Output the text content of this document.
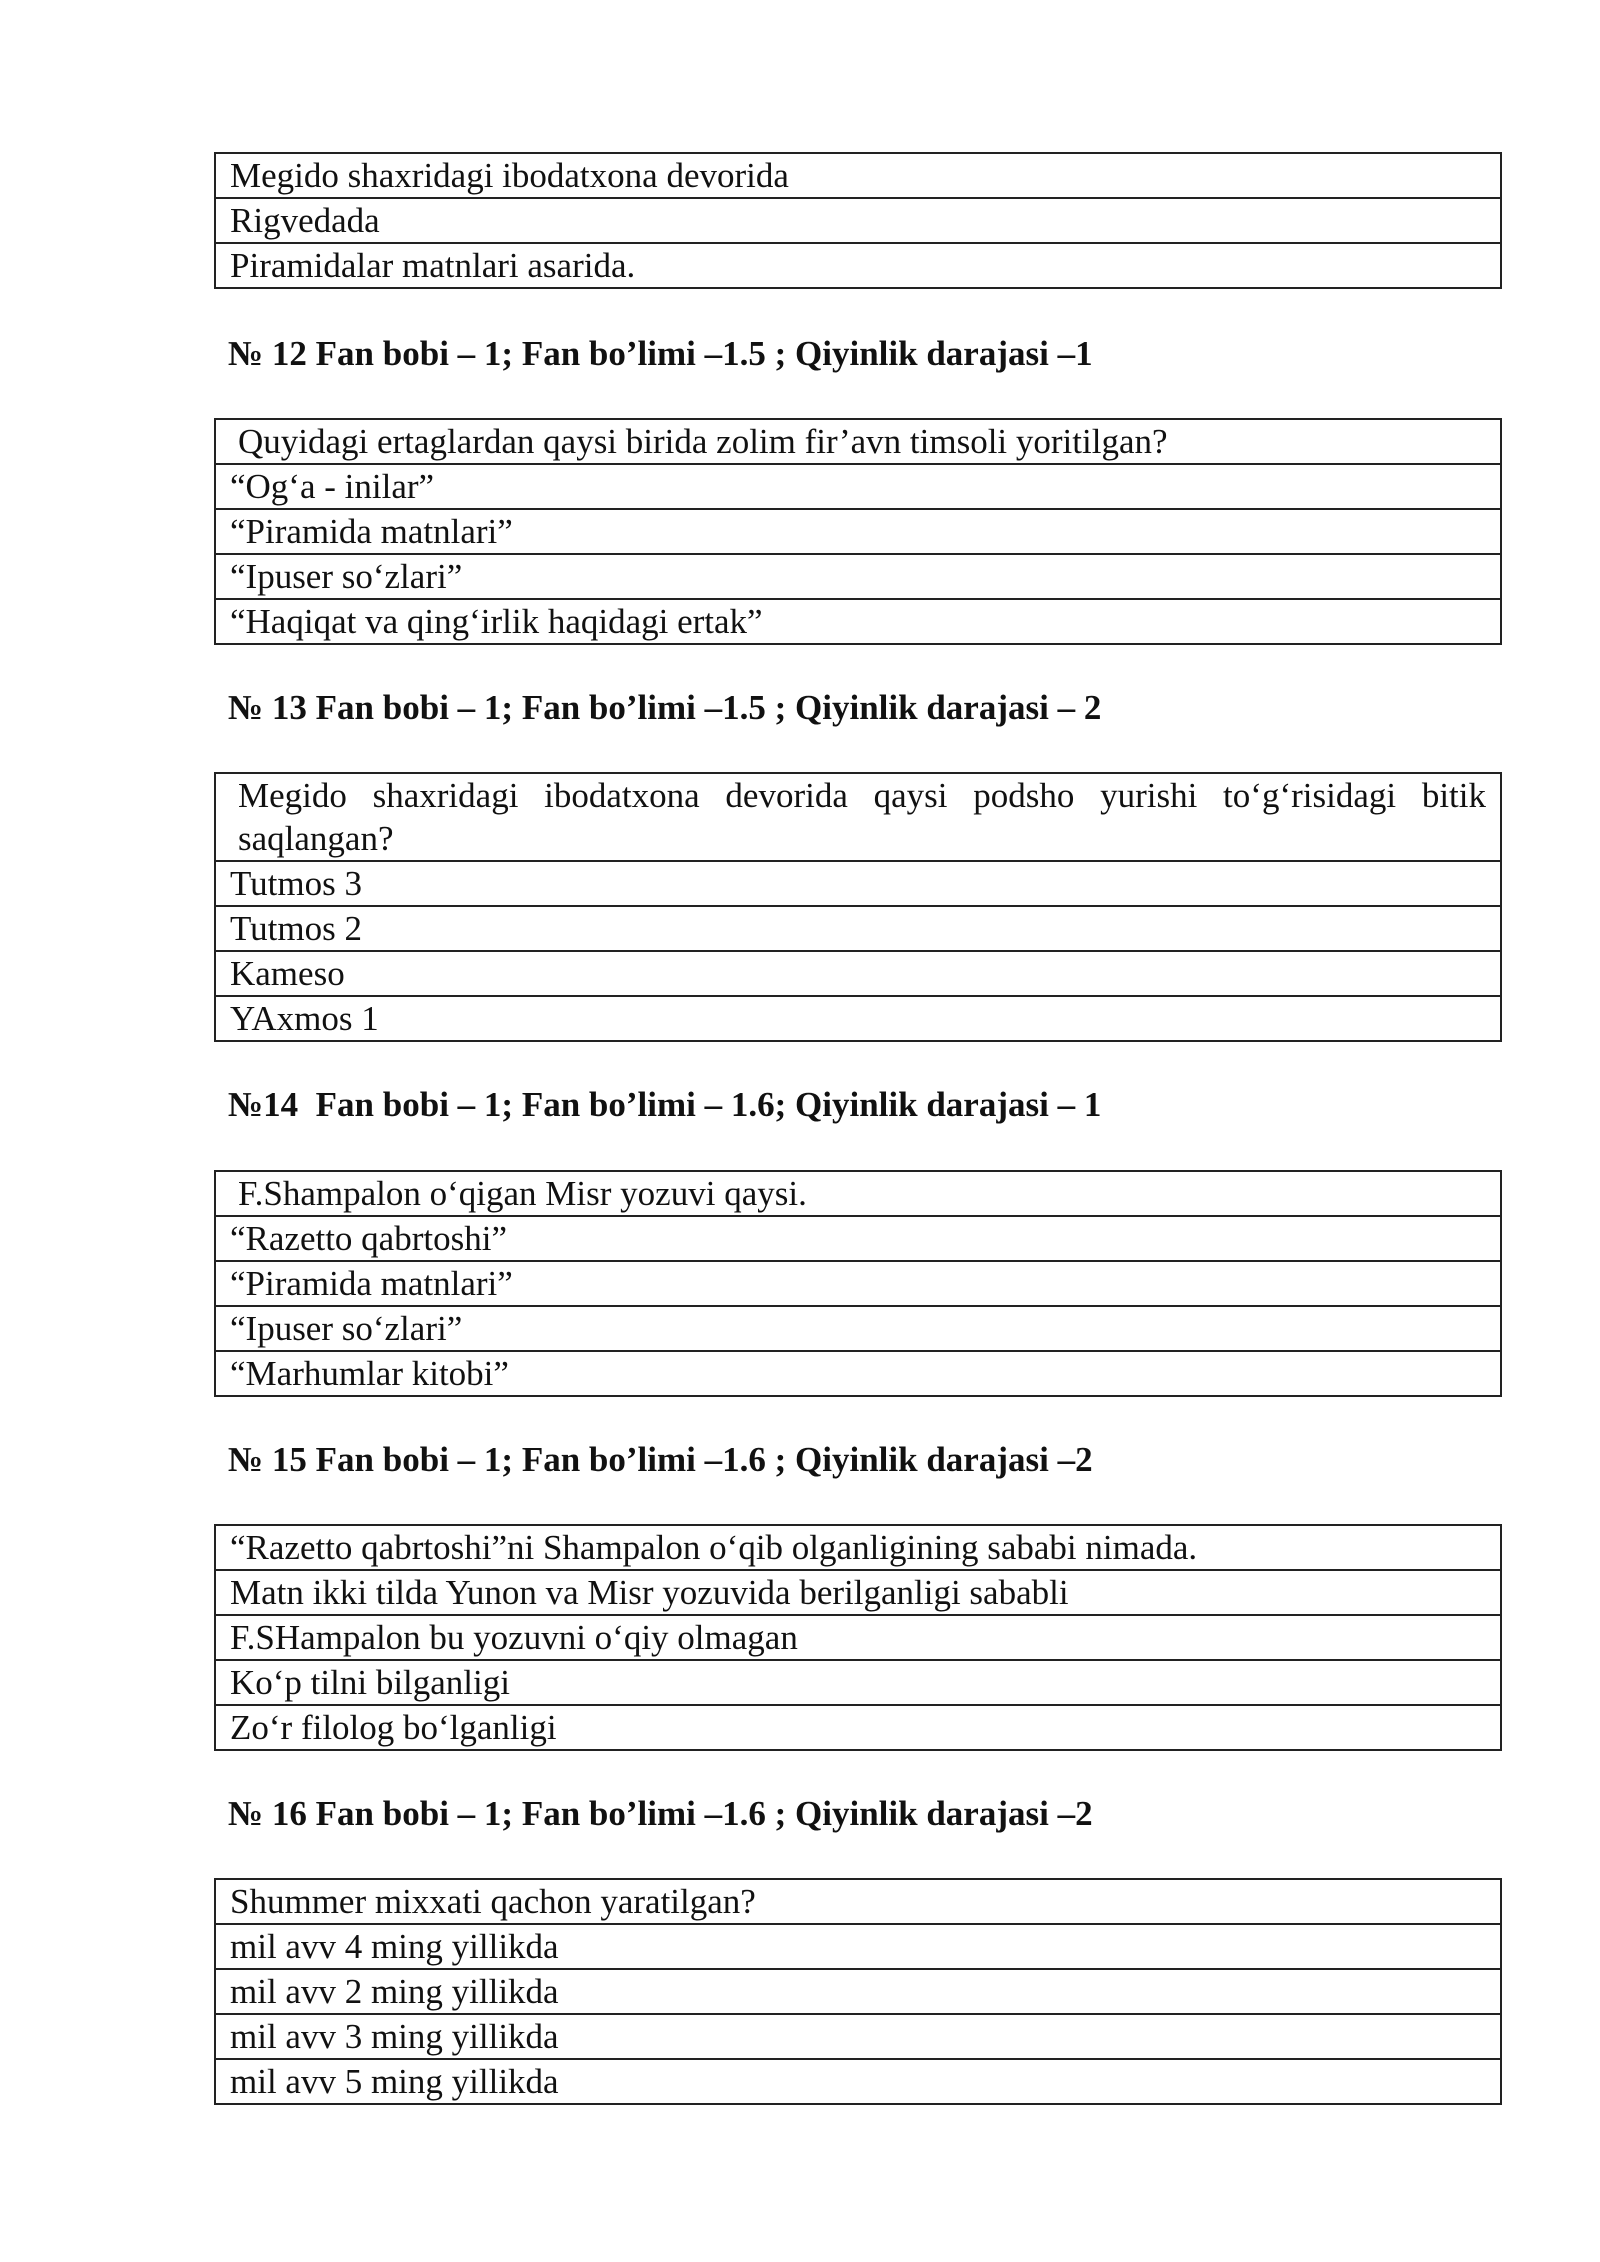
Megido shaxridagi ibodatxona devorida
Rigvedada
Piramidalar matnlari asarida.
№ 12 Fan bobi – 1; Fan bo’limi –1.5 ; Qiyinlik darajasi –1
Quyidagi ertaglardan qaysi birida zolim fir’avn timsoli yoritilgan?
“Og‘a - inilar”
“Piramida matnlari”
“Ipuser so‘zlari”
“Haqiqat va qing‘irlik haqidagi ertak”
№ 13 Fan bobi – 1; Fan bo’limi –1.5 ; Qiyinlik darajasi – 2
Megido shaxridagi ibodatxona devorida qaysi podsho yurishi to‘g‘risidagi bitik saqlangan?
Tutmos 3
Tutmos 2
Kameso
YAxmos 1
№14  Fan bobi – 1; Fan bo’limi – 1.6; Qiyinlik darajasi – 1
F.Shampalon o‘qigan Misr yozuvi qaysi.
“Razetto qabrtoshi”
“Piramida matnlari”
“Ipuser so‘zlari”
“Marhumlar kitobi”
№ 15 Fan bobi – 1; Fan bo’limi –1.6 ; Qiyinlik darajasi –2
“Razetto qabrtoshi”ni Shampalon o‘qib olganligining sababi nimada.
Matn ikki tilda Yunon va Misr yozuvida berilganligi sababli
F.SHampalon bu yozuvni o‘qiy olmagan
Ko‘p tilni bilganligi
Zo‘r filolog bo‘lganligi
№ 16 Fan bobi – 1; Fan bo’limi –1.6 ; Qiyinlik darajasi –2
Shummer mixxati qachon yaratilgan?
mil avv 4 ming yillikda
mil avv 2 ming yillikda
mil avv 3 ming yillikda
mil avv 5 ming yillikda
